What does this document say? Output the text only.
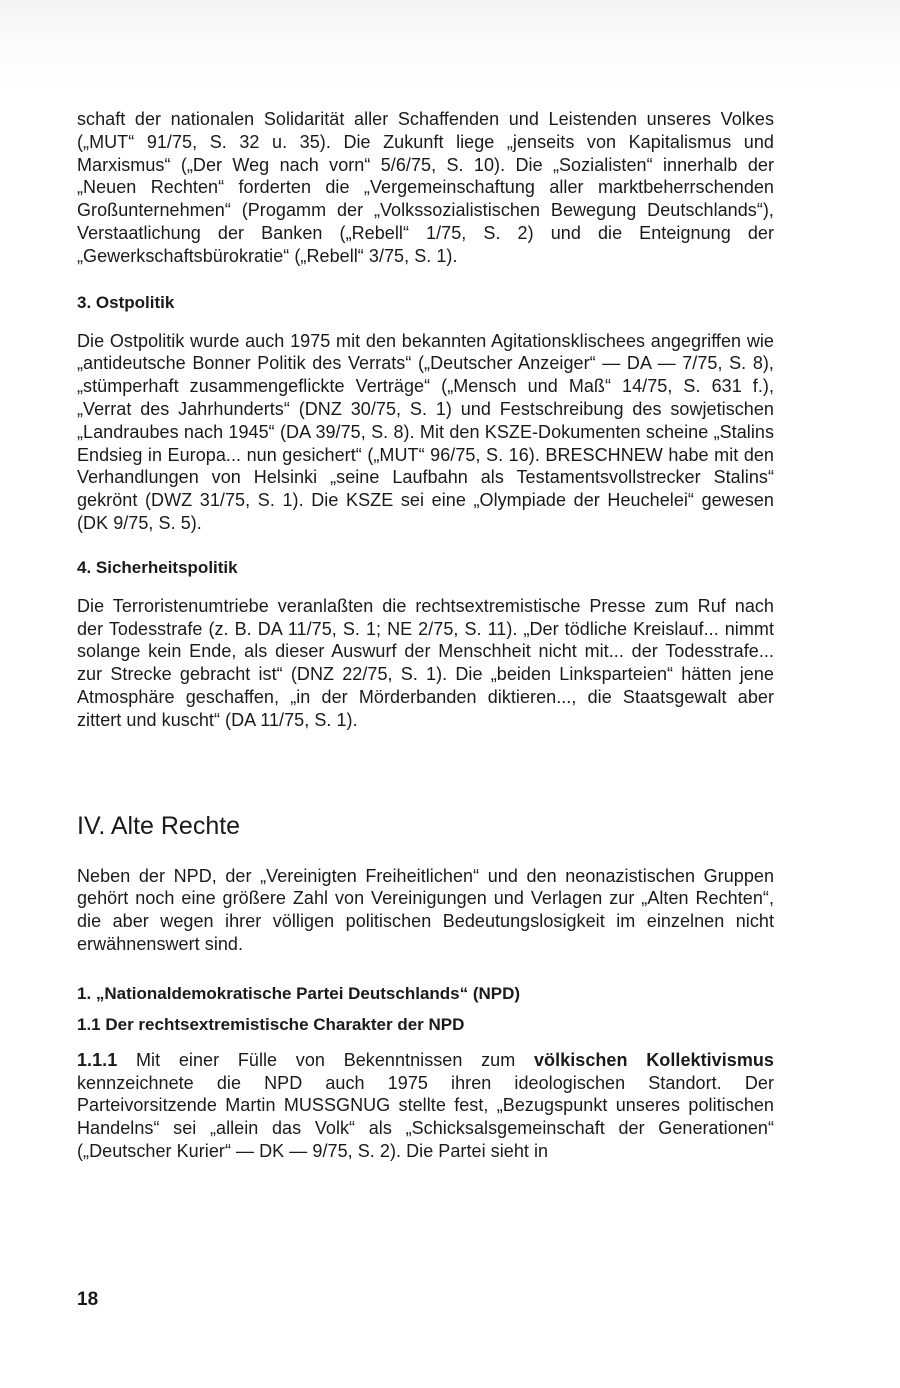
schaft der nationalen Solidarität aller Schaffenden und Leistenden unseres Volkes („MUT“ 91/75, S. 32 u. 35). Die Zukunft liege „jenseits von Kapitalismus und Marxismus“ („Der Weg nach vorn“ 5/6/75, S. 10). Die „Sozialisten“ innerhalb der „Neuen Rechten“ forderten die „Vergemeinschaftung aller marktbeherrschenden Großunternehmen“ (Progamm der „Volkssozialistischen Bewegung Deutschlands“), Verstaatlichung der Banken („Rebell“ 1/75, S. 2) und die Enteignung der „Gewerkschaftsbürokratie“ („Rebell“ 3/75, S. 1).

3. Ostpolitik

Die Ostpolitik wurde auch 1975 mit den bekannten Agitationsklischees angegriffen wie „antideutsche Bonner Politik des Verrats“ („Deutscher Anzeiger“ — DA — 7/75, S. 8), „stümperhaft zusammengeflickte Verträge“ („Mensch und Maß“ 14/75, S. 631 f.), „Verrat des Jahrhunderts“ (DNZ 30/75, S. 1) und Festschreibung des sowjetischen „Landraubes nach 1945“ (DA 39/75, S. 8). Mit den KSZE-Dokumenten scheine „Stalins Endsieg in Europa... nun gesichert“ („MUT“ 96/75, S. 16). BRESCHNEW habe mit den Verhandlungen von Helsinki „seine Laufbahn als Testamentsvollstrecker Stalins“ gekrönt (DWZ 31/75, S. 1). Die KSZE sei eine „Olympiade der Heuchelei“ gewesen (DK 9/75, S. 5).

4. Sicherheitspolitik

Die Terroristenumtriebe veranlaßten die rechtsextremistische Presse zum Ruf nach der Todesstrafe (z. B. DA 11/75, S. 1; NE 2/75, S. 11). „Der tödliche Kreislauf... nimmt solange kein Ende, als dieser Auswurf der Menschheit nicht mit... der Todesstrafe... zur Strecke gebracht ist“ (DNZ 22/75, S. 1). Die „beiden Linksparteien“ hätten jene Atmosphäre geschaffen, „in der Mörderbanden diktieren..., die Staatsgewalt aber zittert und kuscht“ (DA 11/75, S. 1).

IV. Alte Rechte

Neben der NPD, der „Vereinigten Freiheitlichen“ und den neonazistischen Gruppen gehört noch eine größere Zahl von Vereinigungen und Verlagen zur „Alten Rechten“, die aber wegen ihrer völligen politischen Bedeutungslosigkeit im einzelnen nicht erwähnenswert sind.

1. „Nationaldemokratische Partei Deutschlands“ (NPD)
1.1 Der rechtsextremistische Charakter der NPD

1.1.1 Mit einer Fülle von Bekenntnissen zum völkischen Kollektivismus kennzeichnete die NPD auch 1975 ihren ideologischen Standort. Der Parteivorsitzende Martin MUSSGNUG stellte fest, „Bezugspunkt unseres politischen Handelns“ sei „allein das Volk“ als „Schicksalsgemeinschaft der Generationen“ („Deutscher Kurier“ — DK — 9/75, S. 2). Die Partei sieht in

18
